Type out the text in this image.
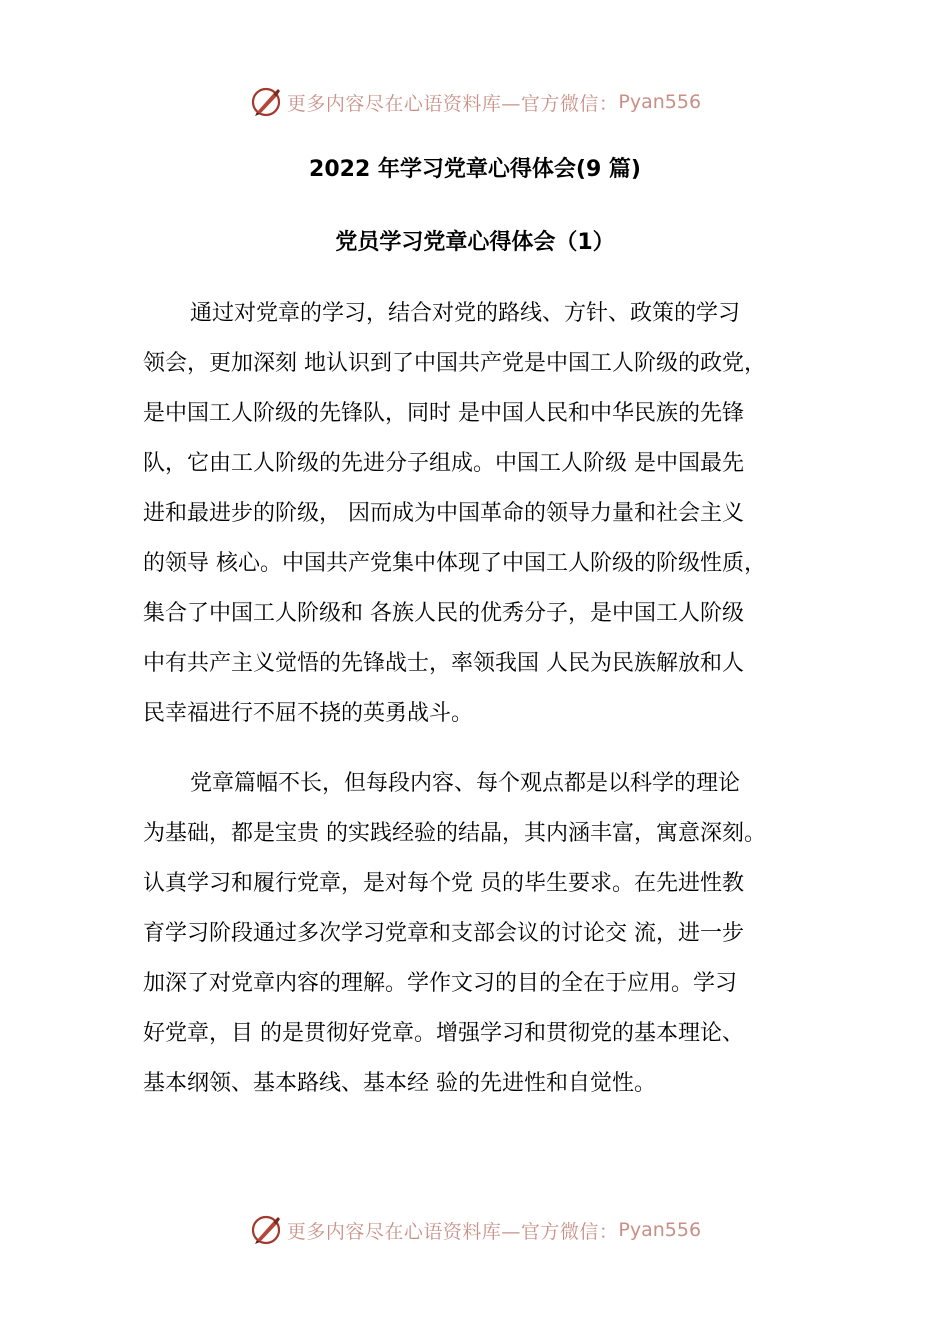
更多内容尽在心语资料库—官方微信： Pyan556
2022 年学习党章心得体会(9 篇)
党员学习党章心得体会（1）
通过对党章的学习，结合对党的路线、方针、政策的学习
领会，更加深刻 地认识到了中国共产党是中国工人阶级的政党，
是中国工人阶级的先锋队，同时 是中国人民和中华民族的先锋
队，它由工人阶级的先进分子组成。中国工人阶级 是中国最先
进和最进步的阶级， 因而成为中国革命的领导力量和社会主义
的领导 核心。中国共产党集中体现了中国工人阶级的阶级性质，
集合了中国工人阶级和 各族人民的优秀分子，是中国工人阶级
中有共产主义觉悟的先锋战士，率领我国 人民为民族解放和人
民幸福进行不屈不挠的英勇战斗。
党章篇幅不长，但每段内容、每个观点都是以科学的理论
为基础，都是宝贵 的实践经验的结晶，其内涵丰富，寓意深刻。
认真学习和履行党章，是对每个党 员的毕生要求。在先进性教
育学习阶段通过多次学习党章和支部会议的讨论交 流，进一步
加深了对党章内容的理解。学作文习的目的全在于应用。学习
好党章，目 的是贯彻好党章。增强学习和贯彻党的基本理论、
基本纲领、基本路线、基本经 验的先进性和自觉性。
更多内容尽在心语资料库—官方微信： Pyan556
